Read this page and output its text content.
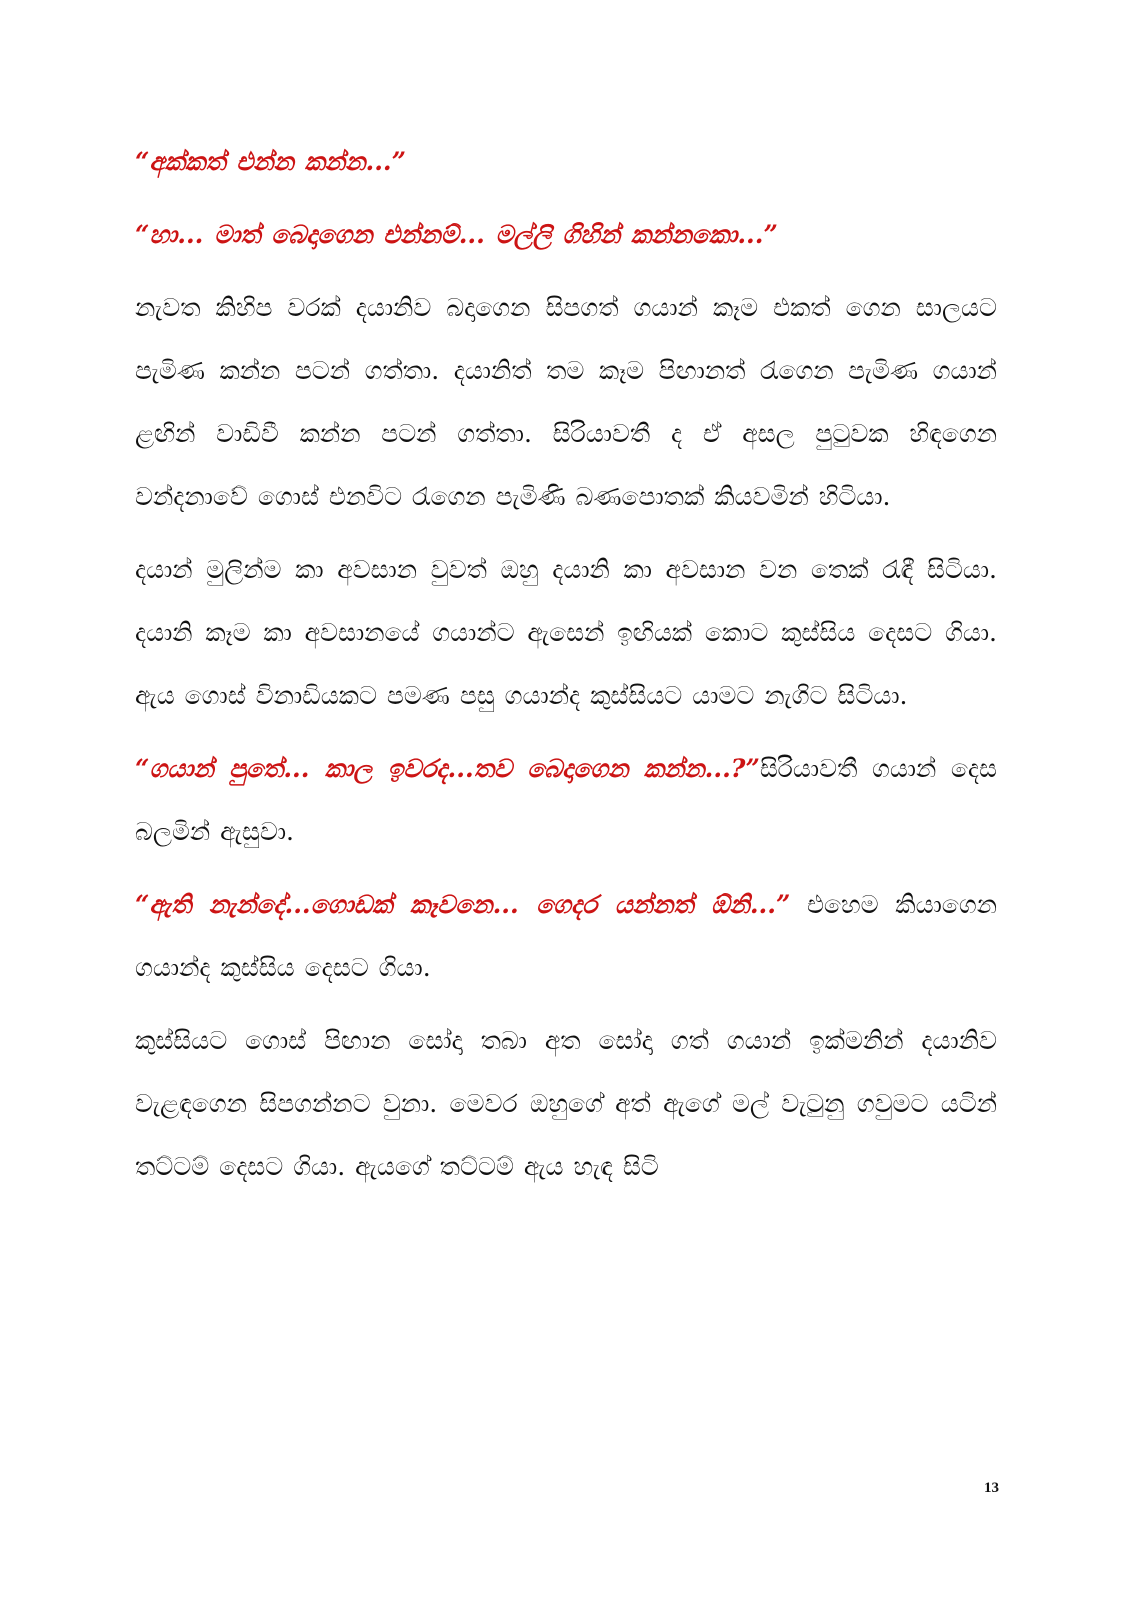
“අක්කත් එන්න කන්න...”

“හා... මාත් බෙදාගෙන එන්නම්... මල්ලි ගිහින් කන්නකො...”

නැවත කිහිප වරක් දයානිව බදාගෙන සිපගත් ගයාන් කෑම එකත් ගෙන සාලයට පැමිණ කන්න පටන් ගත්තා. දයානිත් තම කෑම පිඟානත් රැගෙන පැමිණ ගයාන් ළඟින් වාඩිවී කන්න පටන් ගත්තා. සිරියාවතී ද ඒ අසල පුටුවක හිඳගෙන වන්දනාවේ ගොස් එනවිට රැගෙන පැමිණි බණපොතක් කියවමින් හිටියා.

දයාන් මුලින්ම කා අවසාන වුවත් ඔහු දයානි කා අවසාන වන තෙක් රැඳී සිටියා. දයානි කෑම කා අවසානයේ ගයාන්ට ඇසෙන් ඉඟියක් කොට කුස්සිය දෙසට ගියා. ඇය ගොස් විනාඩියකට පමණ පසු ගයාන්ද කුස්සියට යාමට නැගිට සිටියා.

“ගයාන් පුතේ... කාල ඉවරද...තව බෙදාගෙන කන්න...?”සිරියාවතී ගයාන් දෙස බලමින් ඇසුවා.

“ඇති නැන්දේ...ගොඩක් කෑවනෙ... ගෙදර යන්නත් ඕනි...” එහෙම කියාගෙන ගයාන්ද කුස්සිය දෙසට ගියා.

කුස්සියට ගොස් පිඟාන සෝදා තබා අත සෝදා ගත් ගයාන් ඉක්මනින් දයානිව වැළඳගෙන සිපගන්නට වුනා. මෙවර ඔහුගේ අත් ඇගේ මල් වැටුනු ගවුමට යටින් තට්ටම් දෙසට ගියා. ඇයගේ තට්ටම් ඇය හැඳ සිටි

13
